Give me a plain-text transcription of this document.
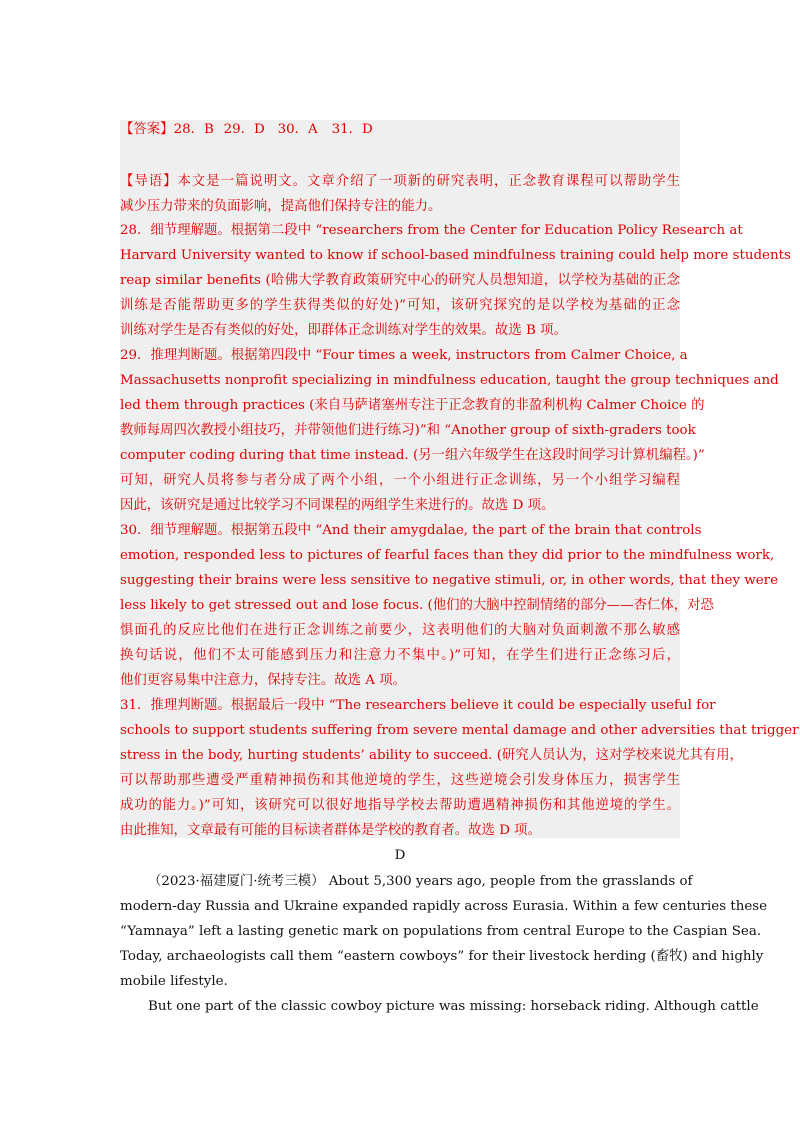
【答案】28．B 29．D 30．A 31．D
【导语】本文是一篇说明文。文章介绍了一项新的研究表明，正念教育课程可以帮助学生
减少压力带来的负面影响，提高他们保持专注的能力。
28．细节理解题。根据第二段中 “researchers from the Center for Education Policy Research at
Harvard University wanted to know if school-based mindfulness training could help more students
reap similar benefits (哈佛大学教育政策研究中心的研究人员想知道，以学校为基础的正念
训练是否能帮助更多的学生获得类似的好处)”可知，该研究探究的是以学校为基础的正念
训练对学生是否有类似的好处，即群体正念训练对学生的效果。故选 B 项。
29．推理判断题。根据第四段中 “Four times a week, instructors from Calmer Choice, a
Massachusetts nonprofit specializing in mindfulness education, taught the group techniques and
led them through practices (来自马萨诸塞州专注于正念教育的非盈利机构 Calmer Choice 的
教师每周四次教授小组技巧，并带领他们进行练习)”和 “Another group of sixth-graders took
computer coding during that time instead. (另一组六年级学生在这段时间学习计算机编程。)”
可知，研究人员将参与者分成了两个小组，一个小组进行正念训练，另一个小组学习编程
因此，该研究是通过比较学习不同课程的两组学生来进行的。故选 D 项。
30．细节理解题。根据第五段中 “And their amygdalae, the part of the brain that controls
emotion, responded less to pictures of fearful faces than they did prior to the mindfulness work,
suggesting their brains were less sensitive to negative stimuli, or, in other words, that they were
less likely to get stressed out and lose focus. (他们的大脑中控制情绪的部分——杏仁体，对恐
惧面孔的反应比他们在进行正念训练之前要少，这表明他们的大脑对负面刺激不那么敏感
换句话说，他们不太可能感到压力和注意力不集中。)”可知，在学生们进行正念练习后，
他们更容易集中注意力，保持专注。故选 A 项。
31．推理判断题。根据最后一段中 “The researchers believe it could be especially useful for
schools to support students suffering from severe mental damage and other adversities that trigger
stress in the body, hurting students’ ability to succeed. (研究人员认为，这对学校来说尤其有用，
可以帮助那些遭受严重精神损伤和其他逆境的学生，这些逆境会引发身体压力，损害学生
成功的能力。)”可知，该研究可以很好地指导学校去帮助遭遇精神损伤和其他逆境的学生。
由此推知，文章最有可能的目标读者群体是学校的教育者。故选 D 项。
D
（2023·福建厦门·统考三模） About 5,300 years ago, people from the grasslands of
modern-day Russia and Ukraine expanded rapidly across Eurasia. Within a few centuries these
“Yamnaya” left a lasting genetic mark on populations from central Europe to the Caspian Sea.
Today, archaeologists call them “eastern cowboys” for their livestock herding (畜牧) and highly
mobile lifestyle.
But one part of the classic cowboy picture was missing: horseback riding. Although cattle
